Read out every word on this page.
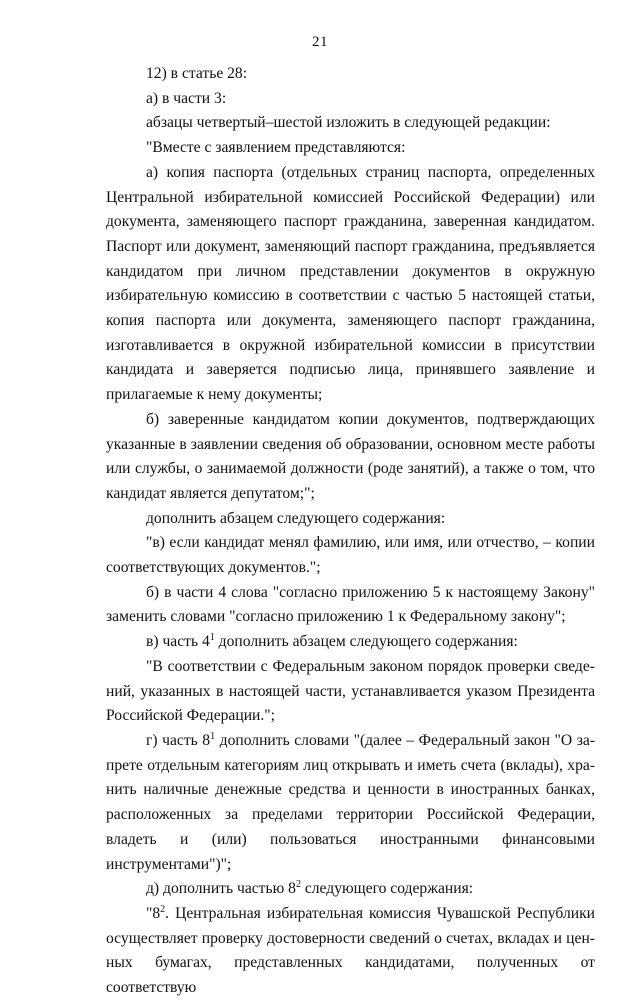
21

12) в статье 28:

а) в части 3:

абзацы четвертый–шестой изложить в следующей редакции:

"Вместе с заявлением представляются:

а) копия паспорта (отдельных страниц паспорта, определенных Центральной избирательной комиссией Российской Федерации) или документа, заменяющего паспорт гражданина, заверенная кандидатом. Паспорт или документ, заменяющий паспорт гражданина, предъявляется кандидатом при личном представлении документов в окружную избирательную комиссию в соответствии с частью 5 настоящей статьи, копия паспорта или документа, заменяющего паспорт гражданина, изготавливается в окружной избирательной комиссии в присутствии кандидата и заверяется подписью лица, принявшего заявление и прилагаемые к нему документы;

б) заверенные кандидатом копии документов, подтверждающих указанные в заявлении сведения об образовании, основном месте работы или службы, о занимаемой должности (роде занятий), а также о том, что кандидат является депутатом;";

дополнить абзацем следующего содержания:

"в) если кандидат менял фамилию, или имя, или отчество, – копии соответствующих документов.";

б) в части 4 слова "согласно приложению 5 к настоящему Закону" заменить словами "согласно приложению 1 к Федеральному закону";

в) часть $4^1$ дополнить абзацем следующего содержания:

"В соответствии с Федеральным законом порядок проверки сведений, указанных в настоящей части, устанавливается указом Президента Российской Федерации.";

г) часть $8^1$ дополнить словами "(далее – Федеральный закон "О запрете отдельным категориям лиц открывать и иметь счета (вклады), хранить наличные денежные средства и ценности в иностранных банках, расположенных за пределами территории Российской Федерации, владеть и (или) пользоваться иностранными финансовыми инструментами")";

д) дополнить частью $8^2$ следующего содержания:

"$8^2$. Центральная избирательная комиссия Чувашской Республики осуществляет проверку достоверности сведений о счетах, вкладах и ценных бумагах, представленных кандидатами, полученных от соответствую
